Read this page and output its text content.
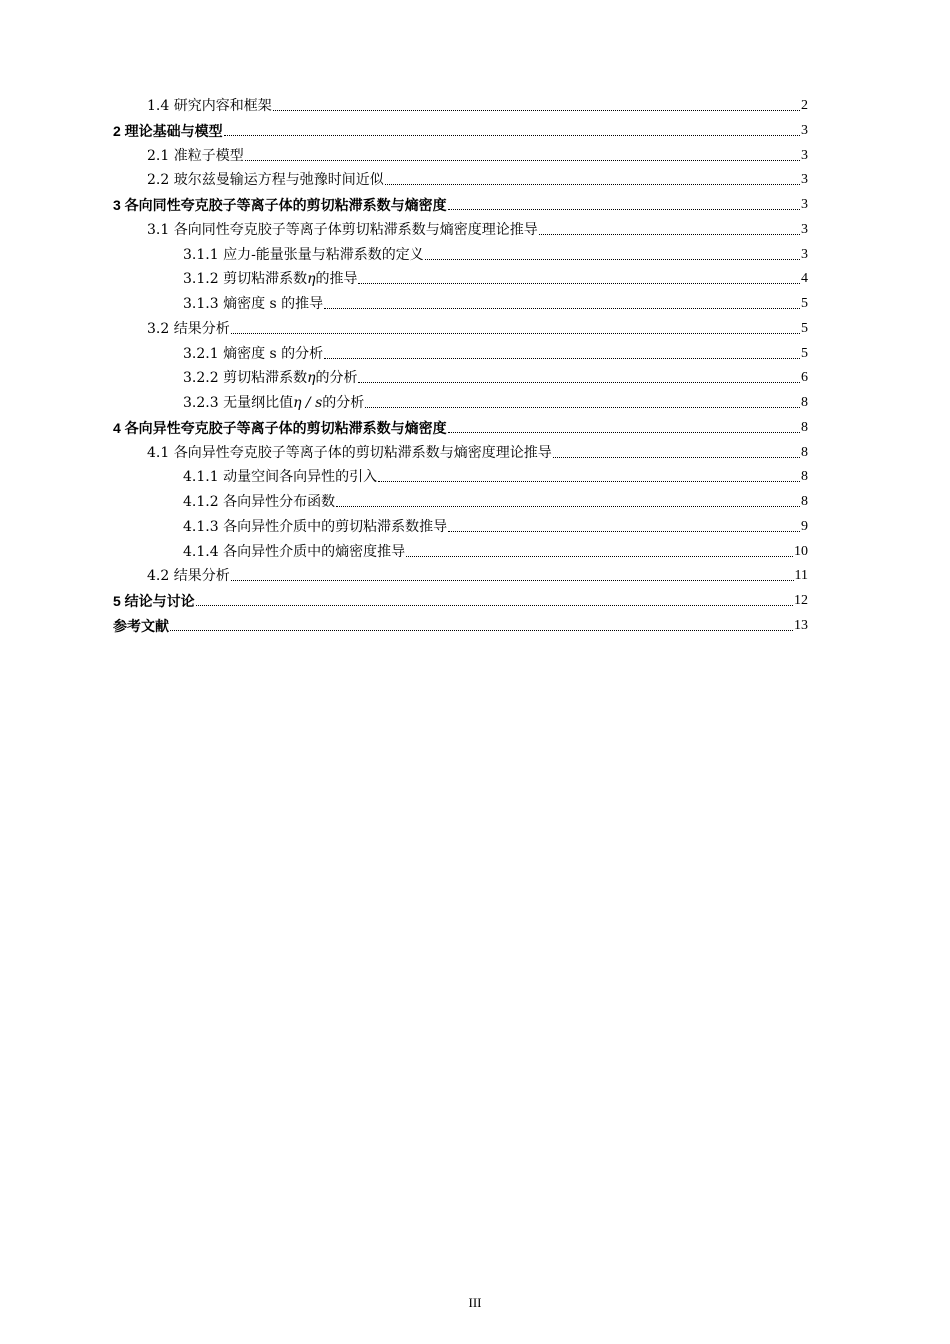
1.4 研究内容和框架	2
2 理论基础与模型	3
2.1 准粒子模型	3
2.2 玻尔兹曼输运方程与弛豫时间近似	3
3 各向同性夸克胶子等离子体的剪切粘滞系数与熵密度	3
3.1 各向同性夸克胶子等离子体剪切粘滞系数与熵密度理论推导	3
3.1.1 应力-能量张量与粘滞系数的定义	3
3.1.2 剪切粘滞系数 η 的推导	4
3.1.3 熵密度 s 的推导	5
3.2 结果分析	5
3.2.1 熵密度 s 的分析	5
3.2.2 剪切粘滞系数 η 的分析	6
3.2.3 无量纲比值 η / s 的分析	8
4 各向异性夸克胶子等离子体的剪切粘滞系数与熵密度	8
4.1 各向异性夸克胶子等离子体的剪切粘滞系数与熵密度理论推导	8
4.1.1 动量空间各向异性的引入	8
4.1.2 各向异性分布函数	8
4.1.3 各向异性介质中的剪切粘滞系数推导	9
4.1.4 各向异性介质中的熵密度推导	10
4.2 结果分析	11
5 结论与讨论	12
参考文献	13
III
